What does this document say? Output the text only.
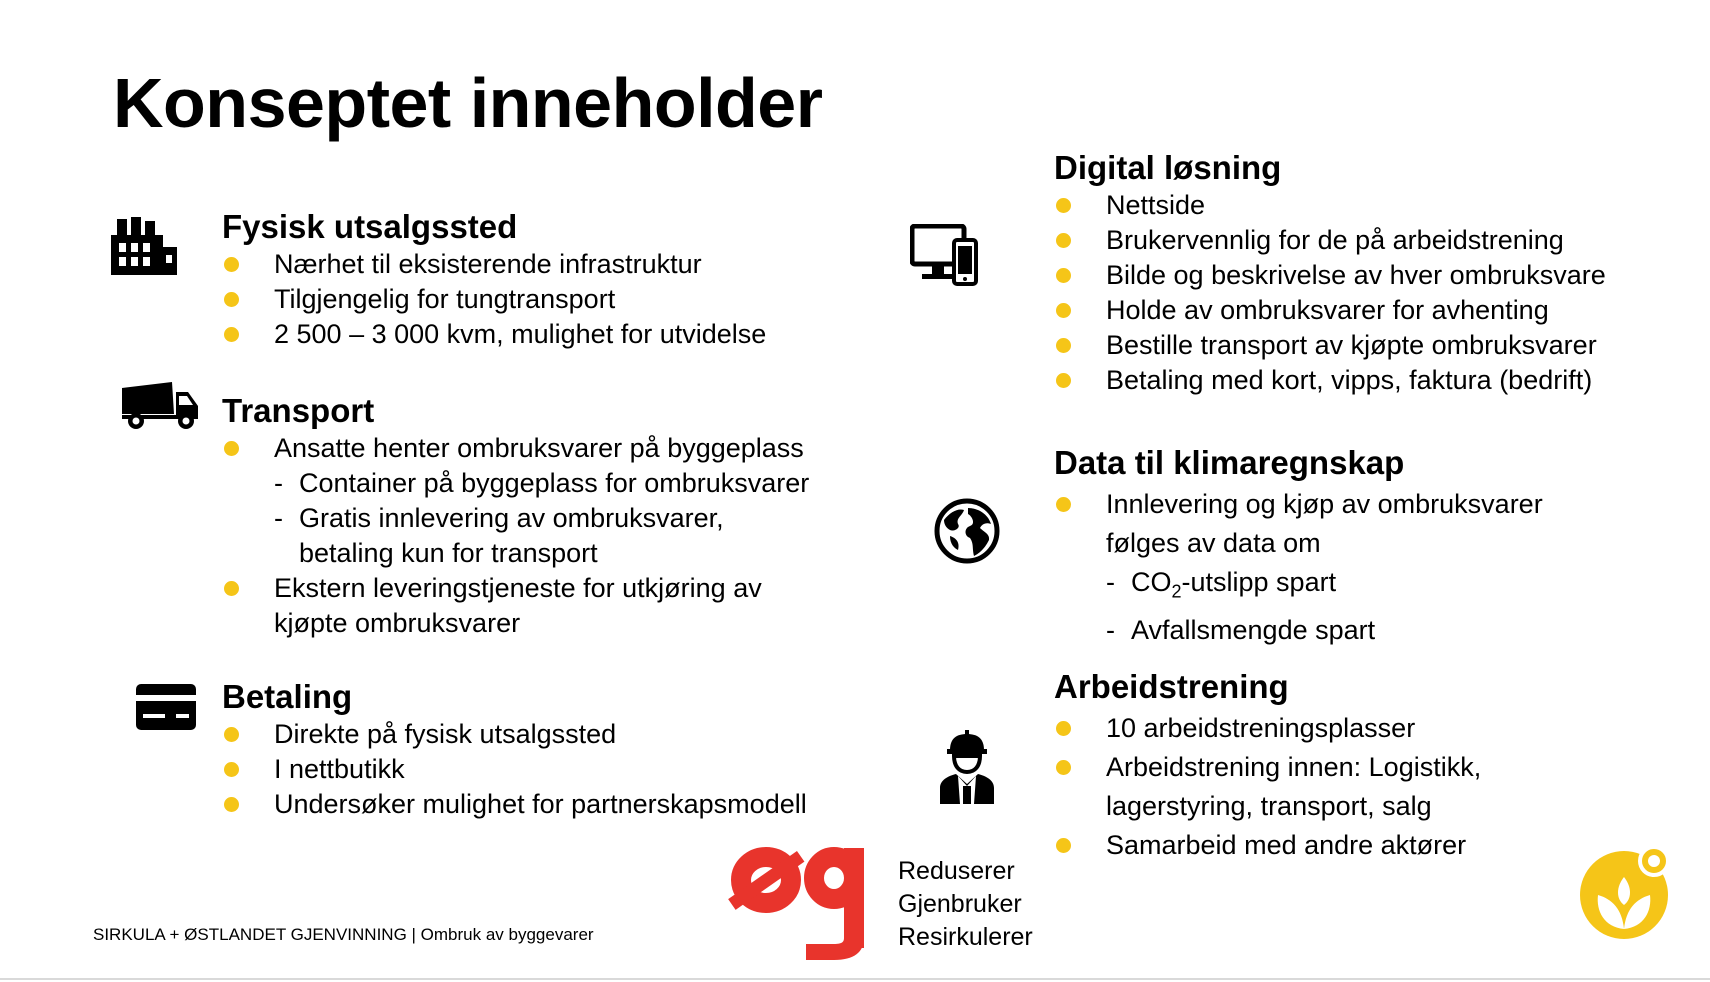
Konseptet inneholder
Fysisk utsalgssted
Nærhet til eksisterende infrastruktur
Tilgjengelig for tungtransport
2 500 – 3 000 kvm, mulighet for utvidelse
Transport
Ansatte henter ombruksvarer på byggeplass
- Container på byggeplass for ombruksvarer
- Gratis innlevering av ombruksvarer,
betaling kun for transport
Ekstern leveringstjeneste for utkjøring av
kjøpte ombruksvarer
Betaling
Direkte på fysisk utsalgssted
I nettbutikk
Undersøker mulighet for partnerskapsmodell
Digital løsning
Nettside
Brukervennlig for de på arbeidstrening
Bilde og beskrivelse av hver ombruksvare
Holde av ombruksvarer for avhenting
Bestille transport av kjøpte ombruksvarer
Betaling med kort, vipps, faktura (bedrift)
Data til klimaregnskap
Innlevering og kjøp av ombruksvarer
følges av data om
- $CO_2$-utslipp spart
- Avfallsmengde spart
Arbeidstrening
10 arbeidstreningsplasser
Arbeidstrening innen: Logistikk,
lagerstyring, transport, salg
Samarbeid med andre aktører
SIRKULA + ØSTLANDET GJENVINNING | Ombruk av byggevarer
Reduserer
Gjenbruker
Resirkulerer
